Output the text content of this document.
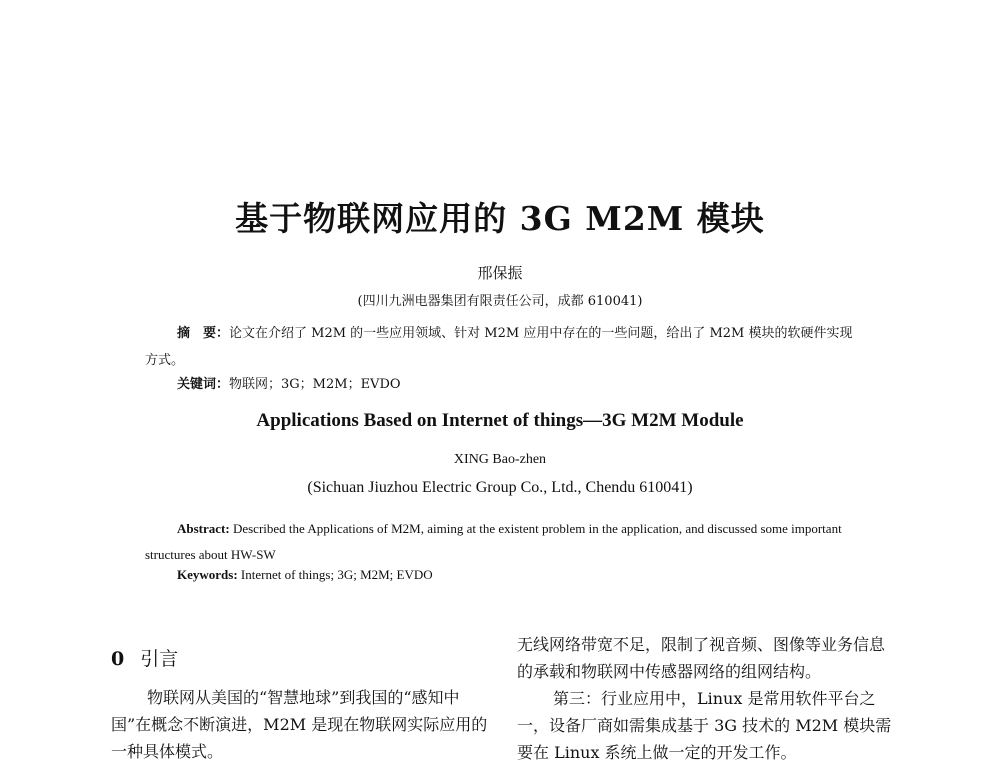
基于物联网应用的 3G M2M 模块
邢保振
(四川九洲电器集团有限责任公司，成都 610041)
摘　要：论文在介绍了 M2M 的一些应用领域、针对 M2M 应用中存在的一些问题，给出了 M2M 模块的软硬件实现方式。
关键词：物联网；3G；M2M；EVDO
Applications Based on Internet of things—3G M2M Module
XING Bao-zhen
(Sichuan Jiuzhou Electric Group Co., Ltd., Chendu 610041)
Abstract: Described the Applications of M2M, aiming at the existent problem in the application, and discussed some important structures about HW-SW
Keywords: Internet of things; 3G; M2M; EVDO
0 引言
物联网从美国的“智慧地球”到我国的“感知中国”在概念不断演进，M2M 是现在物联网实际应用的一种具体模式。

无线网络带宽不足，限制了视音频、图像等业务信息的承载和物联网中传感器网络的组网结构。

第三：行业应用中，Linux 是常用软件平台之一，设备厂商如需集成基于 3G 技术的 M2M 模块需要在 Linux 系统上做一定的开发工作。
